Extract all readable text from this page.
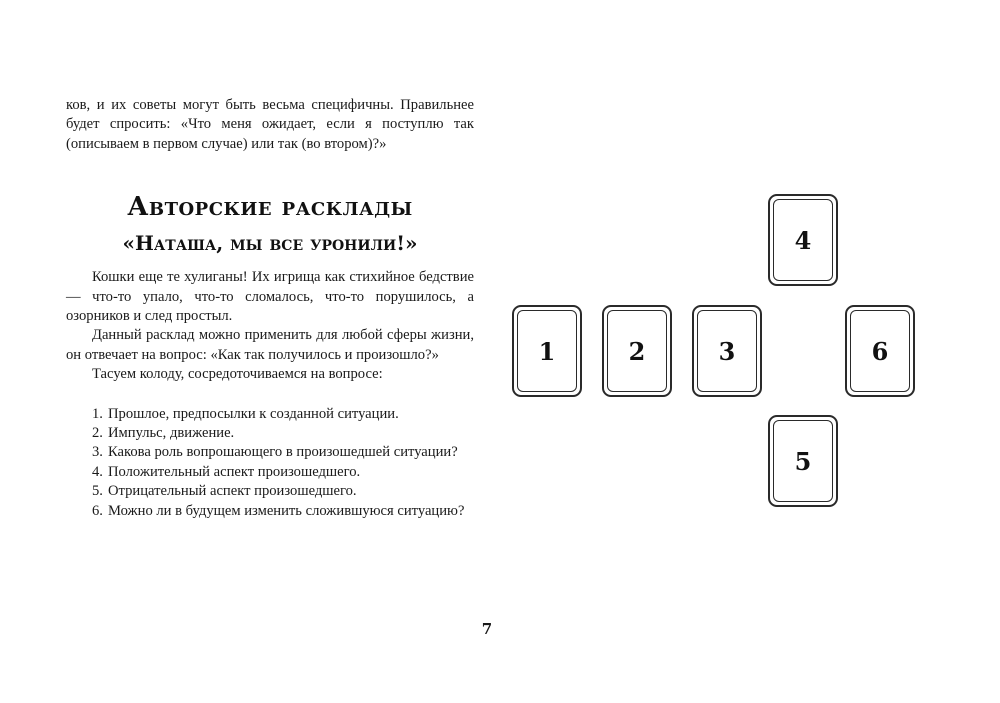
ков, и их советы могут быть весьма специфичны. Правильнее будет спросить: «Что меня ожидает, если я поступлю так (описываем в первом случае) или так (во втором)?»

Авторские расклады
«Наташа, мы все уронили!»

Кошки еще те хулиганы! Их игрища как стихийное бедствие — что-то упало, что-то сломалось, что-то порушилось, а озорников и след простыл.

Данный расклад можно применить для любой сферы жизни, он отвечает на вопрос: «Как так получилось и произошло?»

Тасуем колоду, сосредоточиваемся на вопросе:

1. Прошлое, предпосылки к созданной ситуации.
2. Импульс, движение.
3. Какова роль вопрошающего в произошедшей ситуации?
4. Положительный аспект произошедшего.
5. Отрицательный аспект произошедшего.
6. Можно ли в будущем изменить сложившуюся ситуацию?
1	2	3
4
5
6
7
